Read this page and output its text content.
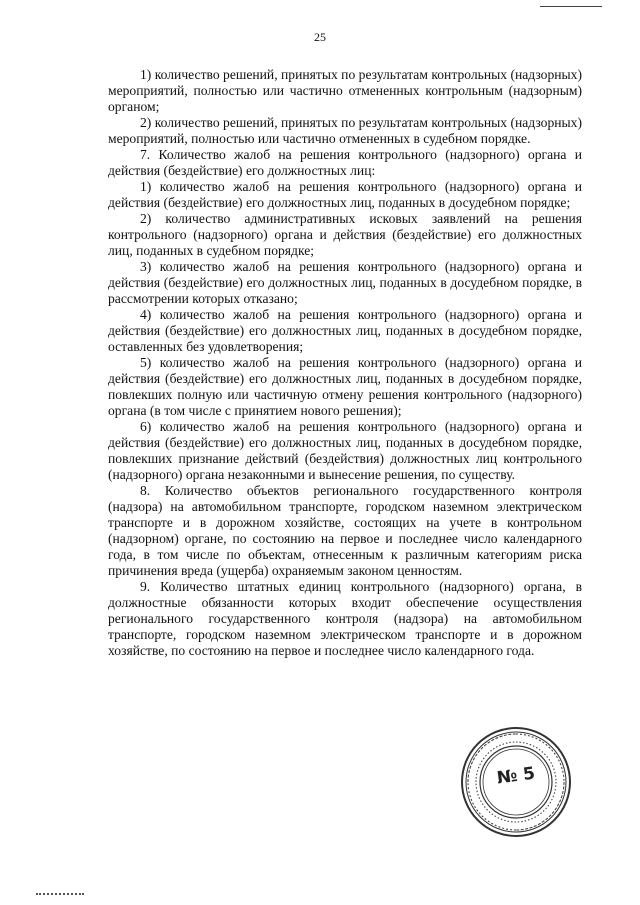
25

1) количество решений, принятых по результатам контрольных (надзорных) мероприятий, полностью или частично отмененных контрольным (надзорным) органом;

2) количество решений, принятых по результатам контрольных (надзорных) мероприятий, полностью или частично отмененных в судебном порядке.

7. Количество жалоб на решения контрольного (надзорного) органа и действия (бездействие) его должностных лиц:

1) количество жалоб на решения контрольного (надзорного) органа и действия (бездействие) его должностных лиц, поданных в досудебном порядке;

2) количество административных исковых заявлений на решения контрольного (надзорного) органа и действия (бездействие) его должностных лиц, поданных в судебном порядке;

3) количество жалоб на решения контрольного (надзорного) органа и действия (бездействие) его должностных лиц, поданных в досудебном порядке, в рассмотрении которых отказано;

4) количество жалоб на решения контрольного (надзорного) органа и действия (бездействие) его должностных лиц, поданных в досудебном порядке, оставленных без удовлетворения;

5) количество жалоб на решения контрольного (надзорного) органа и действия (бездействие) его должностных лиц, поданных в досудебном порядке, повлекших полную или частичную отмену решения контрольного (надзорного) органа (в том числе с принятием нового решения);

6) количество жалоб на решения контрольного (надзорного) органа и действия (бездействие) его должностных лиц, поданных в досудебном порядке, повлекших признание действий (бездействия) должностных лиц контрольного (надзорного) органа незаконными и вынесение решения, по существу.

8. Количество объектов регионального государственного контроля (надзора) на автомобильном транспорте, городском наземном электрическом транспорте и в дорожном хозяйстве, состоящих на учете в контрольном (надзорном) органе, по состоянию на первое и последнее число календарного года, в том числе по объектам, отнесенным к различным категориям риска причинения вреда (ущерба) охраняемым законом ценностям.

9. Количество штатных единиц контрольного (надзорного) органа, в должностные обязанности которых входит обеспечение осуществления регионального государственного контроля (надзора) на автомобильном транспорте, городском наземном электрическом транспорте и в дорожном хозяйстве, по состоянию на первое и последнее число календарного года.

№ 5
